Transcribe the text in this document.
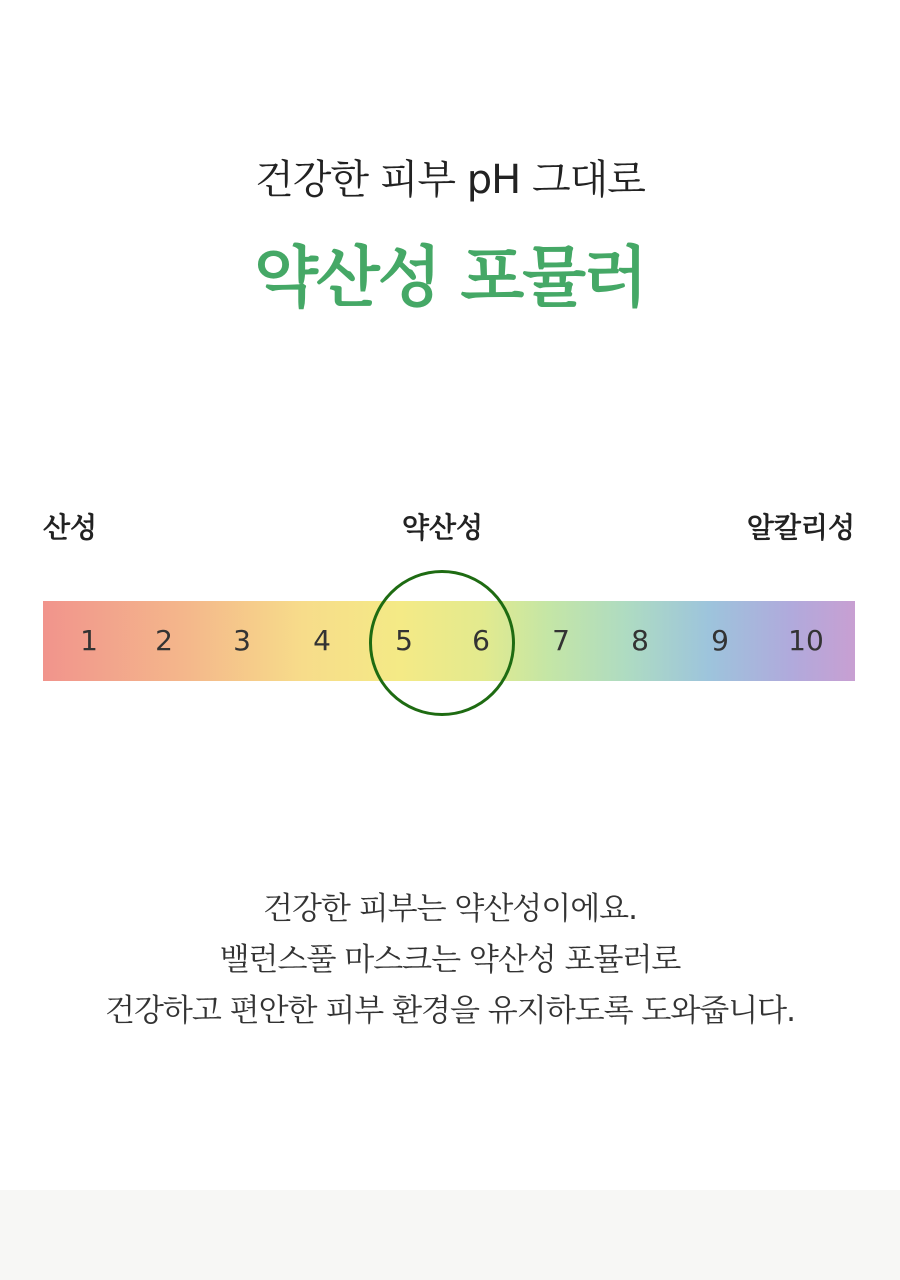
건강한 피부 pH 그대로
약산성 포뮬러
산성	약산성	알칼리성
1	2	3	4	5	6	7	8	9	10
건강한 피부는 약산성이에요.
밸런스풀 마스크는 약산성 포뮬러로
건강하고 편안한 피부 환경을 유지하도록 도와줍니다.
